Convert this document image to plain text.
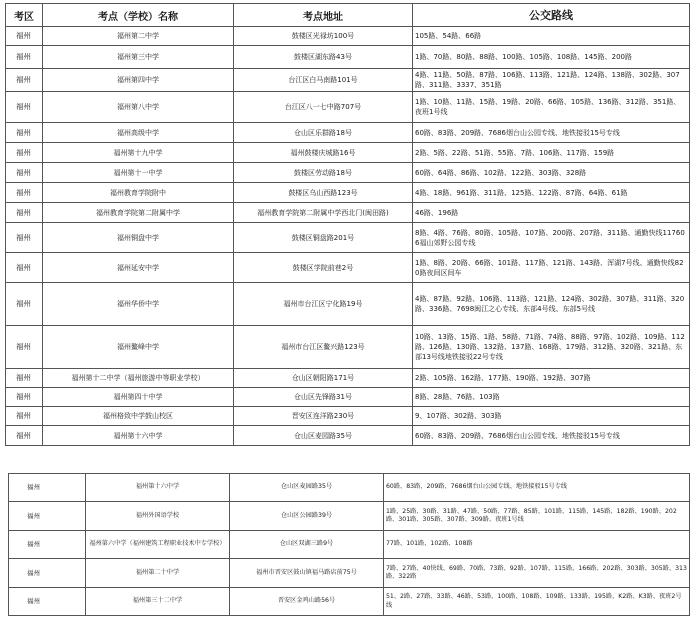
考区	考点（学校）名称	考点地址	公交路线
福州	福州第二中学	鼓楼区光禄坊100号	105路、54路、66路
福州	福州第三中学	鼓楼区湖东路43号	1路、70路、80路、88路、100路、105路、108路、145路、200路
福州	福州第四中学	台江区白马南路101号	4路、11路、50路、87路、106路、113路、121路、124路、138路、302路、307路、311路、3337、351路
福州	福州第八中学	台江区八一七中路707号	1路、10路、11路、15路、19路、20路、66路、105路、136路、312路、351路、夜班1号线
福州	福州高级中学	仓山区乐群路18号	60路、83路、209路、7686烟台山公园专线、地铁接驳15号专线
福州	福州第十九中学	福州鼓楼庆城路16号	2路、5路、22路、51路、55路、7路、106路、117路、159路
福州	福州第十一中学	鼓楼区劳动路18号	60路、64路、86路、102路、122路、303路、328路
福州	福州教育学院附中	鼓楼区乌山西路123号	4路、18路、961路、311路、125路、122路、87路、64路、61路
福州	福州教育学院第二附属中学	福州教育学院第二附属中学西北门(闽田路)	46路、196路
福州	福州铜盘中学	鼓楼区铜盘路201号	8路、4路、76路、80路、105路、107路、200路、207路、311路、通勤快线117606福山郊野公园专线
福州	福州延安中学	鼓楼区学院前巷2号	1路、8路、20路、66路、101路、117路、121路、143路、浑湖7号线、通勤快线820路夜间区间车
福州	福州华侨中学	福州市台江区宁化路19号	4路、87路、92路、106路、113路、121路、124路、302路、307路、311路、320路、336路、7698闽江之心专线、东部4号线、东部5号线
福州	福州鳌峰中学	福州市台江区鳌兴路123号	10路、13路、15路、1路、58路、71路、74路、88路、97路、102路、109路、112路、126路、130路、132路、137路、168路、179路、312路、320路、321路、东部13号线地铁接驳22号专线
福州	福州第十二中学（福州旅游中等职业学校）	仓山区朝阳路171号	2路、105路、162路、177路、190路、192路、307路
福州	福州第四十中学	仓山区先锋路31号	8路、28路、76路、103路
福州	福州格致中学鼓山校区	晋安区连洋路230号	9、107路、302路、303路
福州	福州第十六中学	仓山区麦园路35号	60路、83路、209路、7686烟台山公园专线、地铁接驳15号专线
福州	福州第十六中学	仓山区麦园路35号	60路、83路、209路、7686烟台山公园专线、地铁接驳15号专线
福州	福州外国语学校	仓山区公园路39号	1路、25路、30路、31路、47路、50路、77路、85路、101路、115路、145路、182路、190路、202路、301路、305路、307路、309路、夜班1号线
福州	福州第六中学（福州建筑工程职业技术中专学校）	仓山区双湖三路9号	77路、101路、102路、108路
福州	福州第二十中学	福州市晋安区鼓山镇福马路店前75号	7路、27路、40快线、69路、70路、73路、92路、107路、115路、166路、202路、303路、305路、313路、322路
福州	福州第三十二中学	晋安区金鸡山路56号	51、2路、27路、33路、46路、53路、100路、108路、109路、133路、195路、K2路、K3路、夜班2号线
